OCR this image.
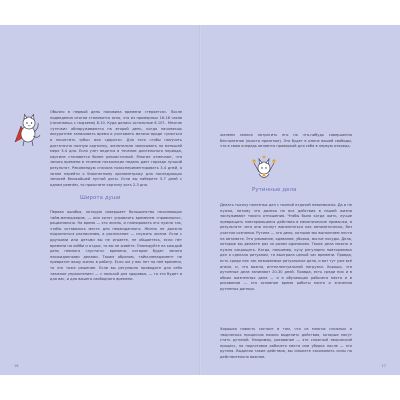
Обычно в первый день половина времени «теряется». После подведения итогов становится ясно, что из примерных 16-18 часов (начинаешь с подъема) 8-10. Куда делись остальные 6-10?.. Многие «утечки» обнаруживаются на второй день, когда начинаешь аккуратнее записывать время и учитывать мелочи вроде «умыться и почистить зубы» или «дорога». Для того чтобы получить достаточно полную картинку, желательно записывать по меньшей мере 3-4 дня. Если учет ведется в течение длительного периода, картина становится более реалистичной. Многие отмечают, что запись времени в течение нескольких недель дает гораздо лучший результат. Рекомендую сначала поэкспериментировать 3-4 дней, а затем перейти к блокнотному хронометражу для последующих записей ближайшей пустой даты. Если вы наберете 5-7 дней с одним ремнём, то проясните картину хоть 2-3 дня.

Широта души

Первая ошибка, которую совершает большинство начинающих тайм-менеджеров, — они хотят управлять временем «правильно», рационально. Но время — это жизнь, и планировать его нужно так, чтобы оставалось место для неожиданного. Жизнь не должна подчиняться расписанию, а расписание — служить жизни. Если с друзьями или детьми вы не играете, не общаетесь, если нет времени на хобби и отдых, то вы не живёте. Планируйте на каждый день немного «пустого» времени, которое будет занято неожиданными делами. Таким образом, тайм-менеджмент не превратит вашу жизнь в работу. Если же у вас нет на неё времени, то это тоже решение. Если вы регулярно проводите для себя «важное упражнение» — с пользой для здоровья, — то это будет и для вас, и для вашего свободного времени.

16

жалеем записи потратить его на что-нибудь совершенно бесполезное (просто приятное). Это будет в ключе вашей свободы, что в свою очередь является проверкой для себя в первую очередь.

Рутинные дела

Делать тысячу полезных дел с полной отдачей невозможно. Да и не нужно, потому что далеко не все действия в нашей жизни заслуживают такого отношения. Чтобы было когда жить, лучше превращать повторяющиеся действия в механические привычки, в результате чего они начнут выполняться как автоматически, без участия сознания. Рутина — это дело, которое мы выполняем почти на автомате. Это умывание, одевание, уборка, мытьё посуды. Дела, которые вы делаете раз за разом одинаково. Такие дела можно и нужно сокращать. Когда, например, кучу регулярно повторяемых дел я сделала ритуалом, то выиграла целый час времени. Правда, есть среди них так называемые ритуальные дела, и вот тут уже всё иначе, и, что важно, интеллектуальной нагрузки. Хорошо, что рутинные дела занимают 20-30 дней. Правда, есть среди них и в обоих жизненных дела — и в обучающих рабочего места и в рисовании — это основное время работы мозга и значения рутинных данных.

Хорошая новость состоит в том, что из многих сложных и творческих процессов можно выделить действия, которые могут стать рутиной. Например, рисование — это сложный творческий процесс, но подготовка рабочего места или уборка после — это рутина. Выделяя такие действия, вы сможете сэкономить силы на действительно важное.

17
